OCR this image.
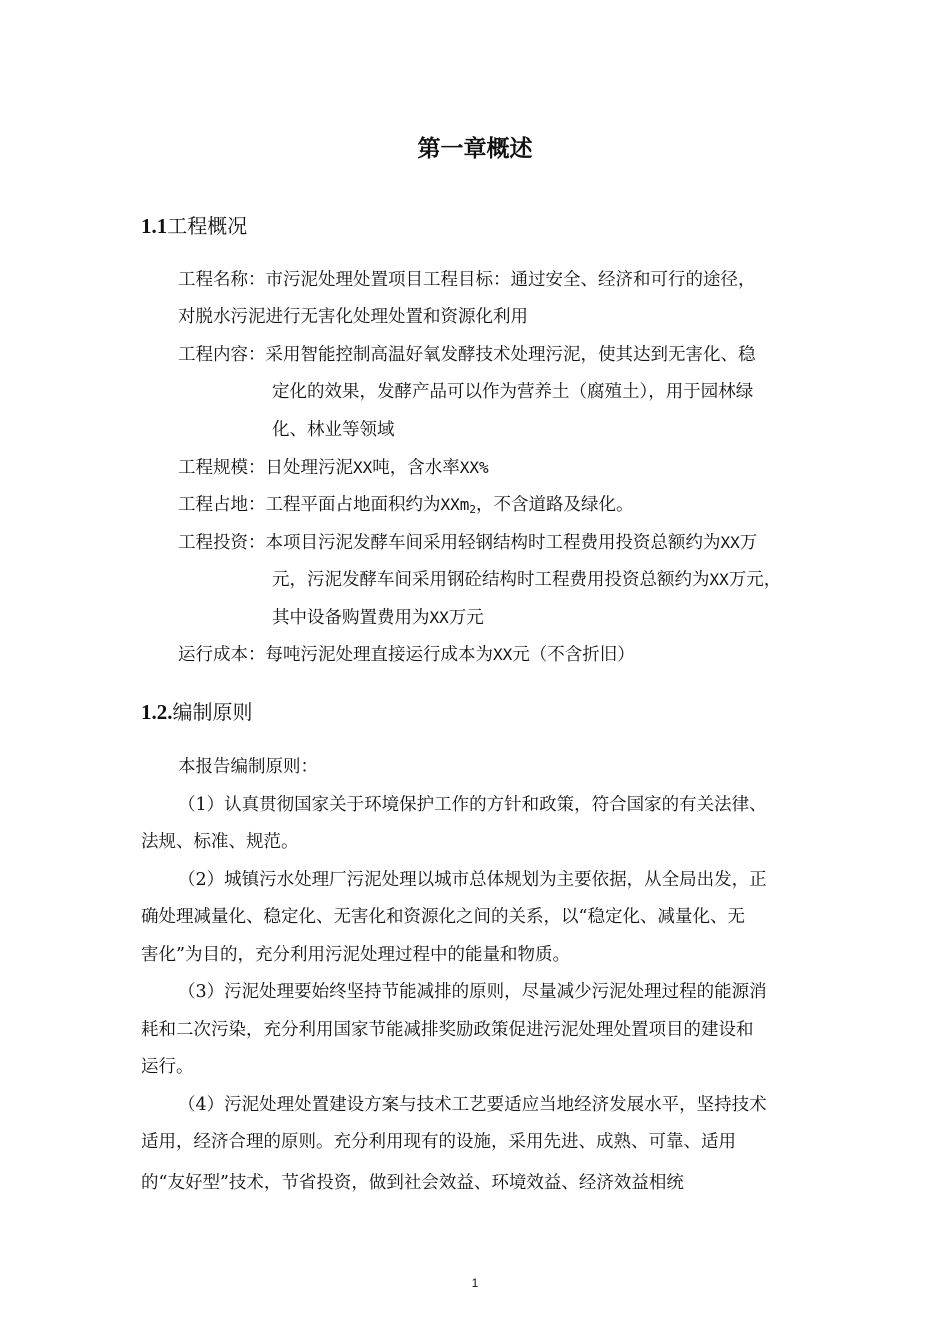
第一章概述
1.1工程概况
工程名称：市污泥处理处置项目工程目标：通过安全、经济和可行的途径，
对脱水污泥进行无害化处理处置和资源化利用
工程内容：采用智能控制高温好氧发酵技术处理污泥，使其达到无害化、稳
定化的效果，发酵产品可以作为营养土（腐殖土），用于园林绿
化、林业等领域
工程规模：日处理污泥XX吨，含水率XX%
工程占地：工程平面占地面积约为XXm2，不含道路及绿化。
工程投资：本项目污泥发酵车间采用轻钢结构时工程费用投资总额约为XX万
元，污泥发酵车间采用钢砼结构时工程费用投资总额约为XX万元，
其中设备购置费用为XX万元
运行成本：每吨污泥处理直接运行成本为XX元（不含折旧）
1.2.编制原则
本报告编制原则：
（1）认真贯彻国家关于环境保护工作的方针和政策，符合国家的有关法律、
法规、标准、规范。
（2）城镇污水处理厂污泥处理以城市总体规划为主要依据，从全局出发，正
确处理减量化、稳定化、无害化和资源化之间的关系，以“稳定化、减量化、无
害化”为目的，充分利用污泥处理过程中的能量和物质。
（3）污泥处理要始终坚持节能减排的原则，尽量减少污泥处理过程的能源消
耗和二次污染，充分利用国家节能减排奖励政策促进污泥处理处置项目的建设和
运行。
（4）污泥处理处置建设方案与技术工艺要适应当地经济发展水平，坚持技术
适用，经济合理的原则。充分利用现有的设施，采用先进、成熟、可靠、适用
的“友好型”技术，节省投资，做到社会效益、环境效益、经济效益相统
1
